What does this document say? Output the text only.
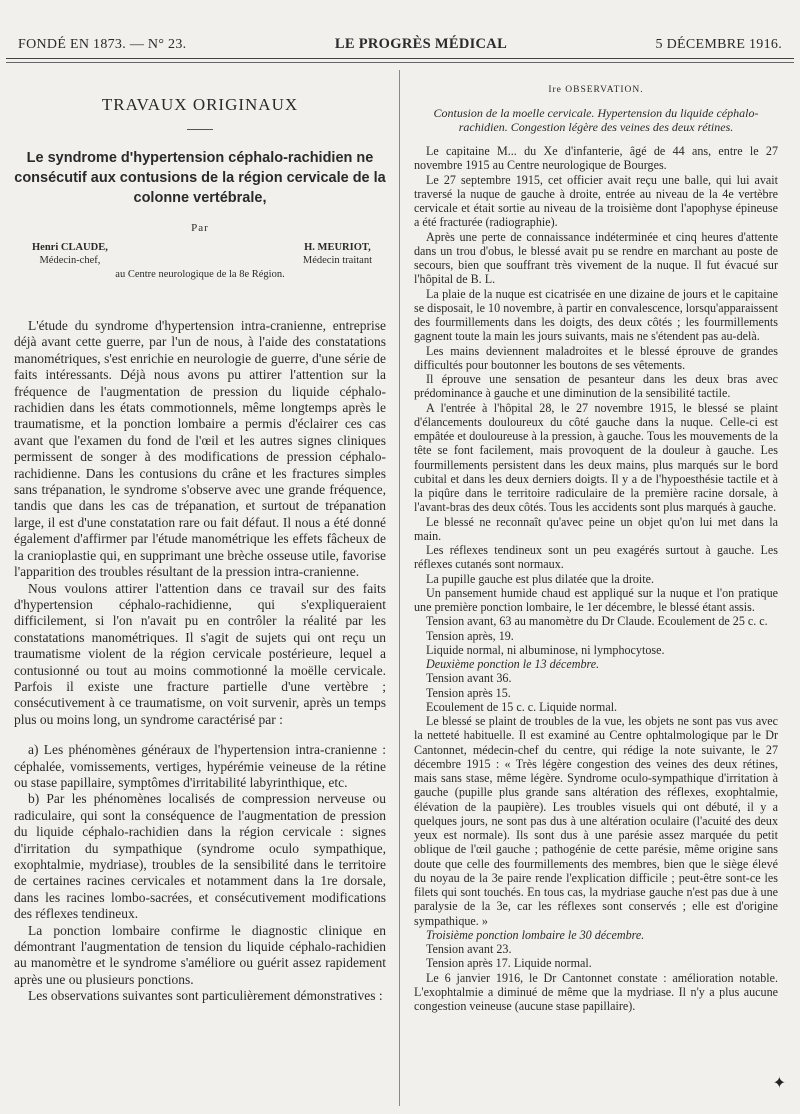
FONDÉ EN 1873. — N° 23.	LE PROGRÈS MÉDICAL	5 DÉCEMBRE 1916.
TRAVAUX ORIGINAUX
Le syndrome d'hypertension céphalo-rachidien ne consécutif aux contusions de la région cervicale de la colonne vertébrale,
Par
Henri CLAUDE,
Médecin-chef,
H. MEURIOT,
Médecin traitant
au Centre neurologique de la 8e Région.

L'étude du syndrome d'hypertension intra-cranienne, entreprise déjà avant cette guerre, par l'un de nous, à l'aide des constatations manométriques, s'est enrichie en neurologie de guerre, d'une série de faits intéressants. Déjà nous avons pu attirer l'attention sur la fréquence de l'augmentation de pression du liquide céphalo-rachidien dans les états commotionnels, même longtemps après le traumatisme, et la ponction lombaire a permis d'éclairer ces cas avant que l'examen du fond de l'œil et les autres signes cliniques permissent de songer à des modifications de pression céphalo-rachidienne. Dans les contusions du crâne et les fractures simples sans trépanation, le syndrome s'observe avec une grande fréquence, tandis que dans les cas de trépanation, et surtout de trépanation large, il est d'une constatation rare ou fait défaut. Il nous a été donné également d'affirmer par l'étude manométrique les effets fâcheux de la cranioplastie qui, en supprimant une brèche osseuse utile, favorise l'apparition des troubles résultant de la pression intra-cranienne.

Nous voulons attirer l'attention dans ce travail sur des faits d'hypertension céphalo-rachidienne, qui s'expliqueraient difficilement, si l'on n'avait pu en contrôler la réalité par les constatations manométriques. Il s'agit de sujets qui ont reçu un traumatisme violent de la région cervicale postérieure, lequel a contusionné ou tout au moins commotionné la moëlle cervicale. Parfois il existe une fracture partielle d'une vertèbre ; consécutivement à ce traumatisme, on voit survenir, après un temps plus ou moins long, un syndrome caractérisé par :

a) Les phénomènes généraux de l'hypertension intra-cranienne : céphalée, vomissements, vertiges, hypérémie veineuse de la rétine ou stase papillaire, symptômes d'irritabilité labyrinthique, etc.

b) Par les phénomènes localisés de compression nerveuse ou radiculaire, qui sont la conséquence de l'augmentation de pression du liquide céphalo-rachidien dans la région cervicale : signes d'irritation du sympathique (syndrome oculo sympathique, exophtalmie, mydriase), troubles de la sensibilité dans le territoire de certaines racines cervicales et notamment dans la 1re dorsale, dans les racines lombo-sacrées, et consécutivement modifications des réflexes tendineux.

La ponction lombaire confirme le diagnostic clinique en démontrant l'augmentation de tension du liquide céphalo-rachidien au manomètre et le syndrome s'améliore ou guérit assez rapidement après une ou plusieurs ponctions.

Les observations suivantes sont particulièrement démonstratives :

Ire OBSERVATION.
Contusion de la moelle cervicale. Hypertension du liquide céphalo-rachidien. Congestion légère des veines des deux rétines.

Le capitaine M... du Xe d'infanterie, âgé de 44 ans, entre le 27 novembre 1915 au Centre neurologique de Bourges.

Le 27 septembre 1915, cet officier avait reçu une balle, qui lui avait traversé la nuque de gauche à droite, entrée au niveau de la 4e vertèbre cervicale et était sortie au niveau de la troisième dont l'apophyse épineuse a été fracturée (radiographie).

Après une perte de connaissance indéterminée et cinq heures d'attente dans un trou d'obus, le blessé avait pu se rendre en marchant au poste de secours, bien que souffrant très vivement de la nuque. Il fut évacué sur l'hôpital de B. L.

La plaie de la nuque est cicatrisée en une dizaine de jours et le capitaine se disposait, le 10 novembre, à partir en convalescence, lorsqu'apparaissent des fourmillements dans les doigts, des deux côtés ; les fourmillements gagnent toute la main les jours suivants, mais ne s'étendent pas au-delà.

Les mains deviennent maladroites et le blessé éprouve de grandes difficultés pour boutonner les boutons de ses vêtements.

Il éprouve une sensation de pesanteur dans les deux bras avec prédominance à gauche et une diminution de la sensibilité tactile.

A l'entrée à l'hôpital 28, le 27 novembre 1915, le blessé se plaint d'élancements douloureux du côté gauche dans la nuque. Celle-ci est empâtée et douloureuse à la pression, à gauche. Tous les mouvements de la tête se font facilement, mais provoquent de la douleur à gauche. Les fourmillements persistent dans les deux mains, plus marqués sur le bord cubital et dans les deux derniers doigts. Il y a de l'hypoesthésie tactile et à la piqûre dans le territoire radiculaire de la première racine dorsale, à l'avant-bras des deux côtés. Tous les accidents sont plus marqués à gauche.

Le blessé ne reconnaît qu'avec peine un objet qu'on lui met dans la main.

Les réflexes tendineux sont un peu exagérés surtout à gauche. Les réflexes cutanés sont normaux.

La pupille gauche est plus dilatée que la droite.

Un pansement humide chaud est appliqué sur la nuque et l'on pratique une première ponction lombaire, le 1er décembre, le blessé étant assis.

Tension avant, 63 au manomètre du Dr Claude. Ecoulement de 25 c. c.

Tension après, 19.

Liquide normal, ni albuminose, ni lymphocytose.

Deuxième ponction le 13 décembre.

Tension avant 36.

Tension après 15.

Ecoulement de 15 c. c. Liquide normal.

Le blessé se plaint de troubles de la vue, les objets ne sont pas vus avec la netteté habituelle. Il est examiné au Centre ophtalmologique par le Dr Cantonnet, médecin-chef du centre, qui rédige la note suivante, le 27 décembre 1915 : « Très légère congestion des veines des deux rétines, mais sans stase, même légère. Syndrome oculo-sympathique d'irritation à gauche (pupille plus grande sans altération des réflexes, exophtalmie, élévation de la paupière). Les troubles visuels qui ont débuté, il y a quelques jours, ne sont pas dus à une altération oculaire (l'acuité des deux yeux est normale). Ils sont dus à une parésie assez marquée du petit oblique de l'œil gauche ; pathogénie de cette parésie, même origine sans doute que celle des fourmillements des membres, bien que le siège élevé du noyau de la 3e paire rende l'explication difficile ; peut-être sont-ce les filets qui sont touchés. En tous cas, la mydriase gauche n'est pas due à une paralysie de la 3e, car les réflexes sont conservés ; elle est d'origine sympathique. »

Troisième ponction lombaire le 30 décembre.

Tension avant 23.

Tension après 17. Liquide normal.

Le 6 janvier 1916, le Dr Cantonnet constate : amélioration notable. L'exophtalmie a diminué de même que la mydriase. Il n'y a plus aucune congestion veineuse (aucune stase papillaire).

✦
